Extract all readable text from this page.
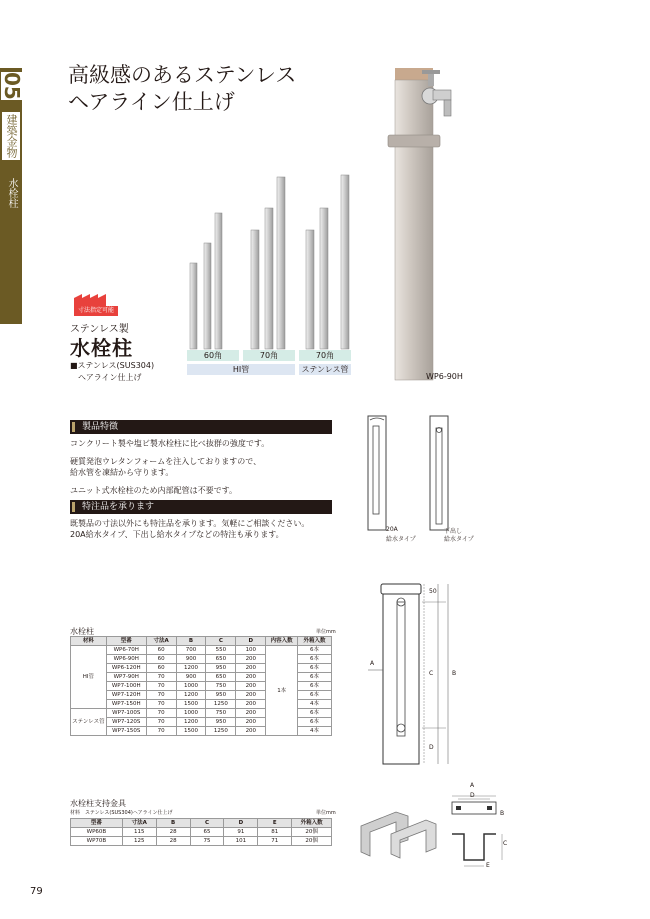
05
建築金物
水栓柱
高級感のあるステンレス
ヘアライン仕上げ
寸法指定可能
ステンレス製
水栓柱
■ステンレス(SUS304)
ヘアライン仕上げ
60角	70角	70角
HI管	ステンレス管
WP6-90H
製品特徴
コンクリート製や塩ビ製水栓柱に比べ抜群の強度です。
硬質発泡ウレタンフォームを注入しておりますので、
給水管を凍結から守ります。
ユニット式水栓柱のため内部配管は不要です。
特注品を承ります
既製品の寸法以外にも特注品を承ります。気軽にご相談ください。
20A給水タイプ、下出し給水タイプなどの特注も承ります。
20A
給水タイプ
下出し
給水タイプ
A
B
C
D
50
水栓柱	単位mm
材料	型番	寸法A	B	C	D	内容入数	外箱入数
HI管	WP6-70H	60	700	550	100	1本	6本
	WP6-90H	60	900	650	200		6本
	WP6-120H	60	1200	950	200		6本
	WP7-90H	70	900	650	200		6本
	WP7-100H	70	1000	750	200		6本
	WP7-120H	70	1200	950	200		6本
	WP7-150H	70	1500	1250	200		4本
ステンレス管	WP7-100S	70	1000	750	200		6本
	WP7-120S	70	1200	950	200		6本
	WP7-150S	70	1500	1250	200		4本
水栓柱支持金具
材料　ステンレス(SUS304)ヘアライン仕上げ	単位mm
型番	寸法A	B	C	D	E	外箱入数
WP60B	115	28	65	91	81	20個
WP70B	125	28	75	101	71	20個
A
D
B
C
E
79
